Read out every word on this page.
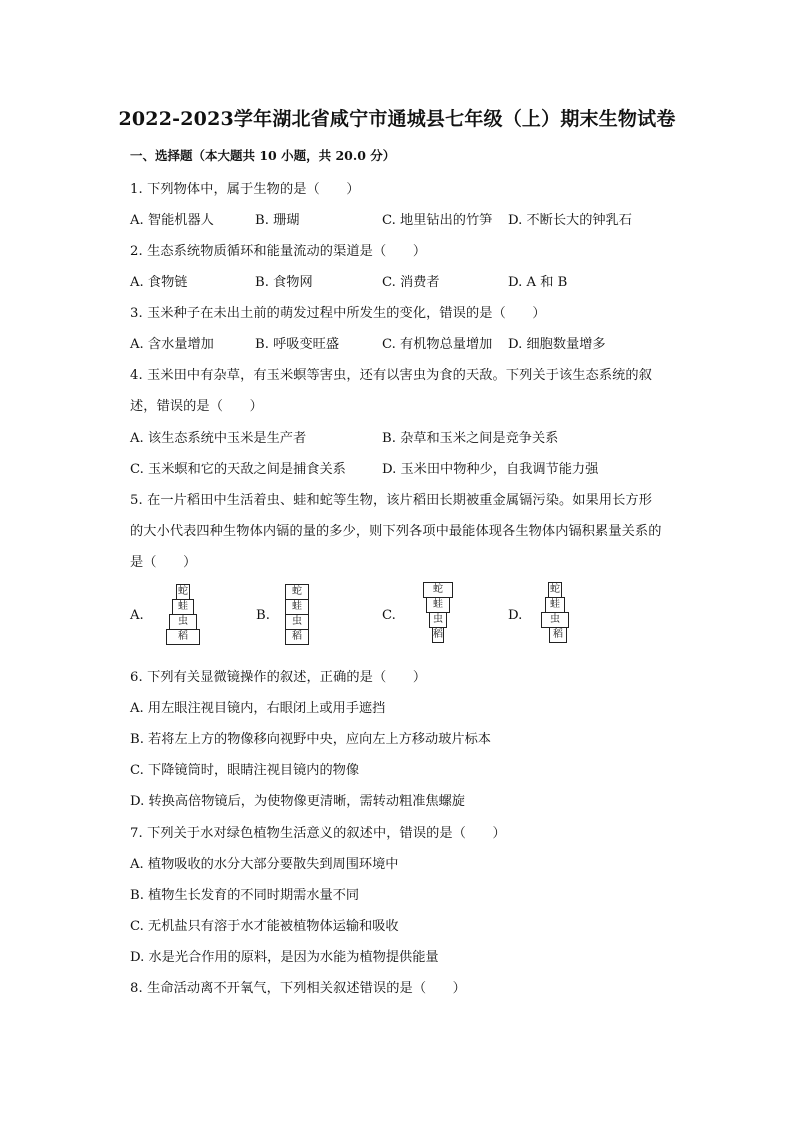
2022-2023学年湖北省咸宁市通城县七年级（上）期末生物试卷
一、选择题（本大题共 10 小题，共 20.0 分）
1. 下列物体中，属于生物的是（　　）
A. 智能机器人	B. 珊瑚	C. 地里钻出的竹笋 D. 不断长大的钟乳石
2. 生态系统物质循环和能量流动的渠道是（　　）
A. 食物链	B. 食物网	C. 消费者	D. A 和 B
3. 玉米种子在未出土前的萌发过程中所发生的变化，错误的是（　　）
A. 含水量增加	B. 呼吸变旺盛	C. 有机物总量增加 D. 细胞数量增多
4. 玉米田中有杂草，有玉米螟等害虫，还有以害虫为食的天敌。下列关于该生态系统的叙
述，错误的是（　　）
A. 该生态系统中玉米是生产者	B. 杂草和玉米之间是竞争关系
C. 玉米螟和它的天敌之间是捕食关系	D. 玉米田中物种少，自我调节能力强
5. 在一片稻田中生活着虫、蛙和蛇等生物，该片稻田长期被重金属镉污染。如果用长方形
的大小代表四种生物体内镉的量的多少，则下列各项中最能体现各生物体内镉积累量关系的
是（　　）
A.
蛇
蛙
虫
稻
B.
蛇
蛙
虫
稻
C.
蛇
蛙
虫
稻
D.
蛇
蛙
虫
稻
6. 下列有关显微镜操作的叙述，正确的是（　　）
A. 用左眼注视目镜内，右眼闭上或用手遮挡
B. 若将左上方的物像移向视野中央，应向左上方移动玻片标本
C. 下降镜筒时，眼睛注视目镜内的物像
D. 转换高倍物镜后，为使物像更清晰，需转动粗准焦螺旋
7. 下列关于水对绿色植物生活意义的叙述中，错误的是（　　）
A. 植物吸收的水分大部分要散失到周围环境中
B. 植物生长发育的不同时期需水量不同
C. 无机盐只有溶于水才能被植物体运输和吸收
D. 水是光合作用的原料，是因为水能为植物提供能量
8. 生命活动离不开氧气，下列相关叙述错误的是（　　）
